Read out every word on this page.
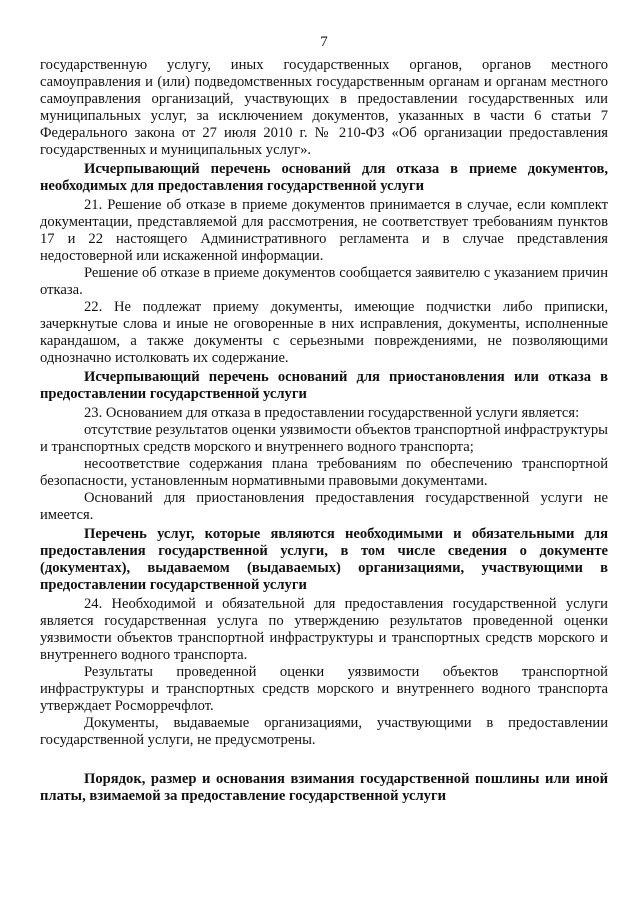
7

государственную услугу, иных государственных органов, органов местного самоуправления и (или) подведомственных государственным органам и органам местного самоуправления организаций, участвующих в предоставлении государственных или муниципальных услуг, за исключением документов, указанных в части 6 статьи 7 Федерального закона от 27 июля 2010 г. № 210-ФЗ «Об организации предоставления государственных и муниципальных услуг».

Исчерпывающий перечень оснований для отказа в приеме документов, необходимых для предоставления государственной услуги

21. Решение об отказе в приеме документов принимается в случае, если комплект документации, представляемой для рассмотрения, не соответствует требованиям пунктов 17 и 22 настоящего Административного регламента и в случае представления недостоверной или искаженной информации.

Решение об отказе в приеме документов сообщается заявителю с указанием причин отказа.

22. Не подлежат приему документы, имеющие подчистки либо приписки, зачеркнутые слова и иные не оговоренные в них исправления, документы, исполненные карандашом, а также документы с серьезными повреждениями, не позволяющими однозначно истолковать их содержание.

Исчерпывающий перечень оснований для приостановления или отказа в предоставлении государственной услуги

23. Основанием для отказа в предоставлении государственной услуги является:

отсутствие результатов оценки уязвимости объектов транспортной инфраструктуры и транспортных средств морского и внутреннего водного транспорта;

несоответствие содержания плана требованиям по обеспечению транспортной безопасности, установленным нормативными правовыми документами.

Оснований для приостановления предоставления государственной услуги не имеется.

Перечень услуг, которые являются необходимыми и обязательными для предоставления государственной услуги, в том числе сведения о документе (документах), выдаваемом (выдаваемых) организациями, участвующими в предоставлении государственной услуги

24. Необходимой и обязательной для предоставления государственной услуги является государственная услуга по утверждению результатов проведенной оценки уязвимости объектов транспортной инфраструктуры и транспортных средств морского и внутреннего водного транспорта.

Результаты проведенной оценки уязвимости объектов транспортной инфраструктуры и транспортных средств морского и внутреннего водного транспорта утверждает Росморречфлот.

Документы, выдаваемые организациями, участвующими в предоставлении государственной услуги, не предусмотрены.

Порядок, размер и основания взимания государственной пошлины или иной платы, взимаемой за предоставление государственной услуги
